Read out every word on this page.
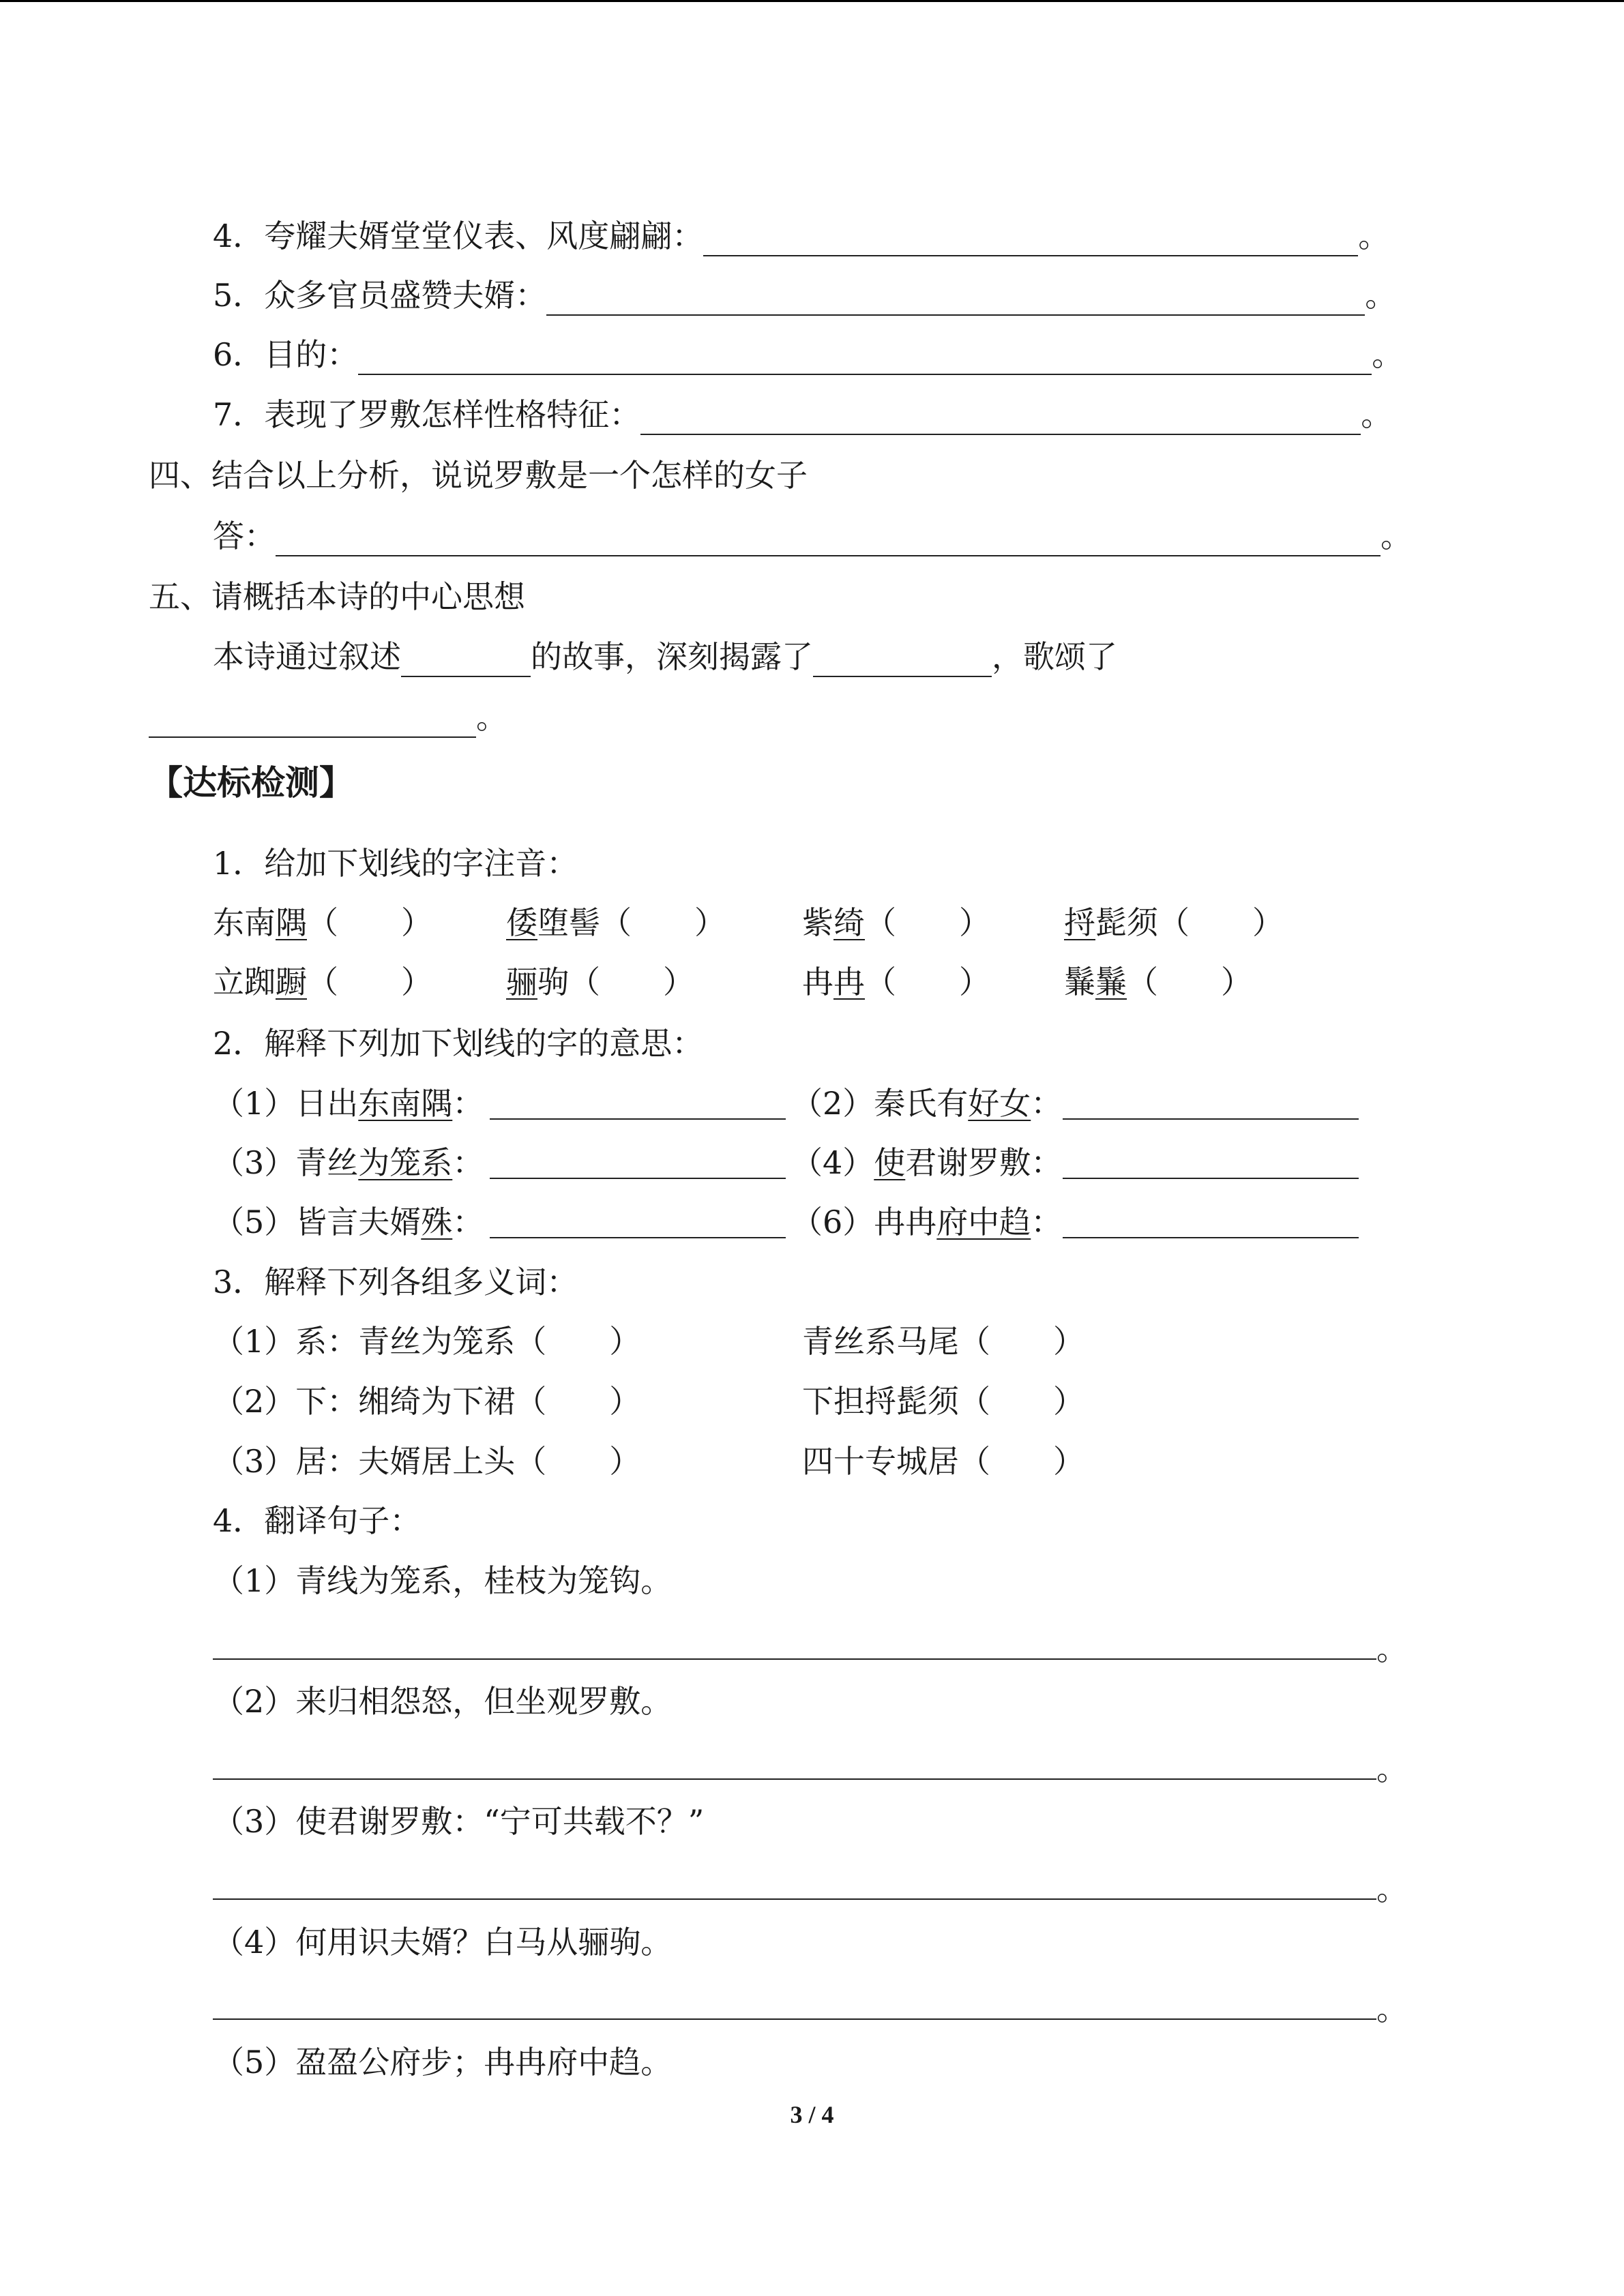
4．夸耀夫婿堂堂仪表、风度翩翩：	。
5．众多官员盛赞夫婿：	。
6．目的：	。
7．表现了罗敷怎样性格特征：	。
四、结合以上分析，说说罗敷是一个怎样的女子
答：	。
五、请概括本诗的中心思想
本诗通过叙述	的故事，深刻揭露了	，歌颂了
。
【达标检测】
1．给加下划线的字注音：
东南隅（　　） 倭堕髻（　　） 紫绮（　　） 捋髭须（　　）
立踟蹰（　　） 骊驹（　　）	冉冉（　　） 鬑鬑（　　）
2．解释下列加下划线的字的意思：
（1）日出东南隅：	（2）秦氏有好女：
（3）青丝为笼系：	（4）使君谢罗敷：
（5）皆言夫婿殊：	（6）冉冉府中趋：
3．解释下列各组多义词：
（1）系：青丝为笼系（　　）	青丝系马尾（　　）
（2）下：缃绮为下裙（　　）	下担捋髭须（　　）
（3）居：夫婿居上头（　　）	四十专城居（　　）
4．翻译句子：
（1）青线为笼系，桂枝为笼钩。
。
（2）来归相怨怒，但坐观罗敷。
。
（3）使君谢罗敷：“宁可共载不？”
。
（4）何用识夫婿？白马从骊驹。
。
（5）盈盈公府步；冉冉府中趋。
3 / 4
